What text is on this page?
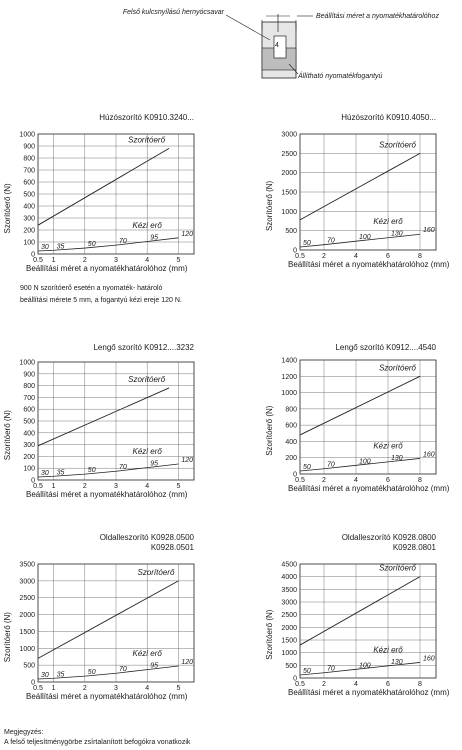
4
Felső kulcsnyílású hernyócsavar
Beállítási méret a nyomatékhatárolóhoz
Állítható nyomatékfogantyú
0
100
200
300
400
500
600
700
800
900
1000
0.5 1	2	3	4	5
Húzószorító K0910.3240...
Beállítási méret a nyomatékhatárolóhoz (mm)
Szorítóerő (N)
Szorítóerő
Kézi erő
30 35	50	70
95
120
0
500
1000
1500
2000
2500
3000
0.5 2	4	6	8
Húzószorító K0910.4050...
Beállítási méret a nyomatékhatárolóhoz (mm)
Szorítóerő (N)
Szorítóerő
Kézi erő
50 70	100	130	160
0
100
200
300
400
500
600
700
800
900
1000
0.5 1	2	3	4	5
Lengő szorító K0912....3232
Beállítási méret a nyomatékhatárolóhoz (mm)
Szorítóerő (N)
Szorítóerő
Kézi erő
30 35	50	70
95
120
0
200
400
600
800
1000
1200
1400
0.5 2	4	6	8
Lengő szorító K0912....4540
Beállítási méret a nyomatékhatárolóhoz (mm)
Szorítóerő (N)
Szorítóerő
Kézi erő
50 70	100	130	160
0
500
1000
1500
2000
2500
3000
3500
0.5 1	2	3	4	5
Oldalleszorító K0928.0500
K0928.0501
Beállítási méret a nyomatékhatárolóhoz (mm)
Szorítóerő (N)
Szorítóerő
Kézi erő
30 35	50	70
95
120
0
500
1000
1500
2000
2500
3000
3500
4000
4500
0.5 2	4	6	8
Oldalleszorító K0928.0800
K0928.0801
Beállítási méret a nyomatékhatárolóhoz (mm)
Szorítóerő (N)
Szorítóerő
Kézi erő
50 70	100	130	160
900 N szorítóerő esetén a nyomaték- határoló
beállítási mérete 5 mm, a fogantyú kézi ereje 120 N.
Megjegyzés:
A felső teljesítménygörbe zsírtalanított befogókra vonatkozik
